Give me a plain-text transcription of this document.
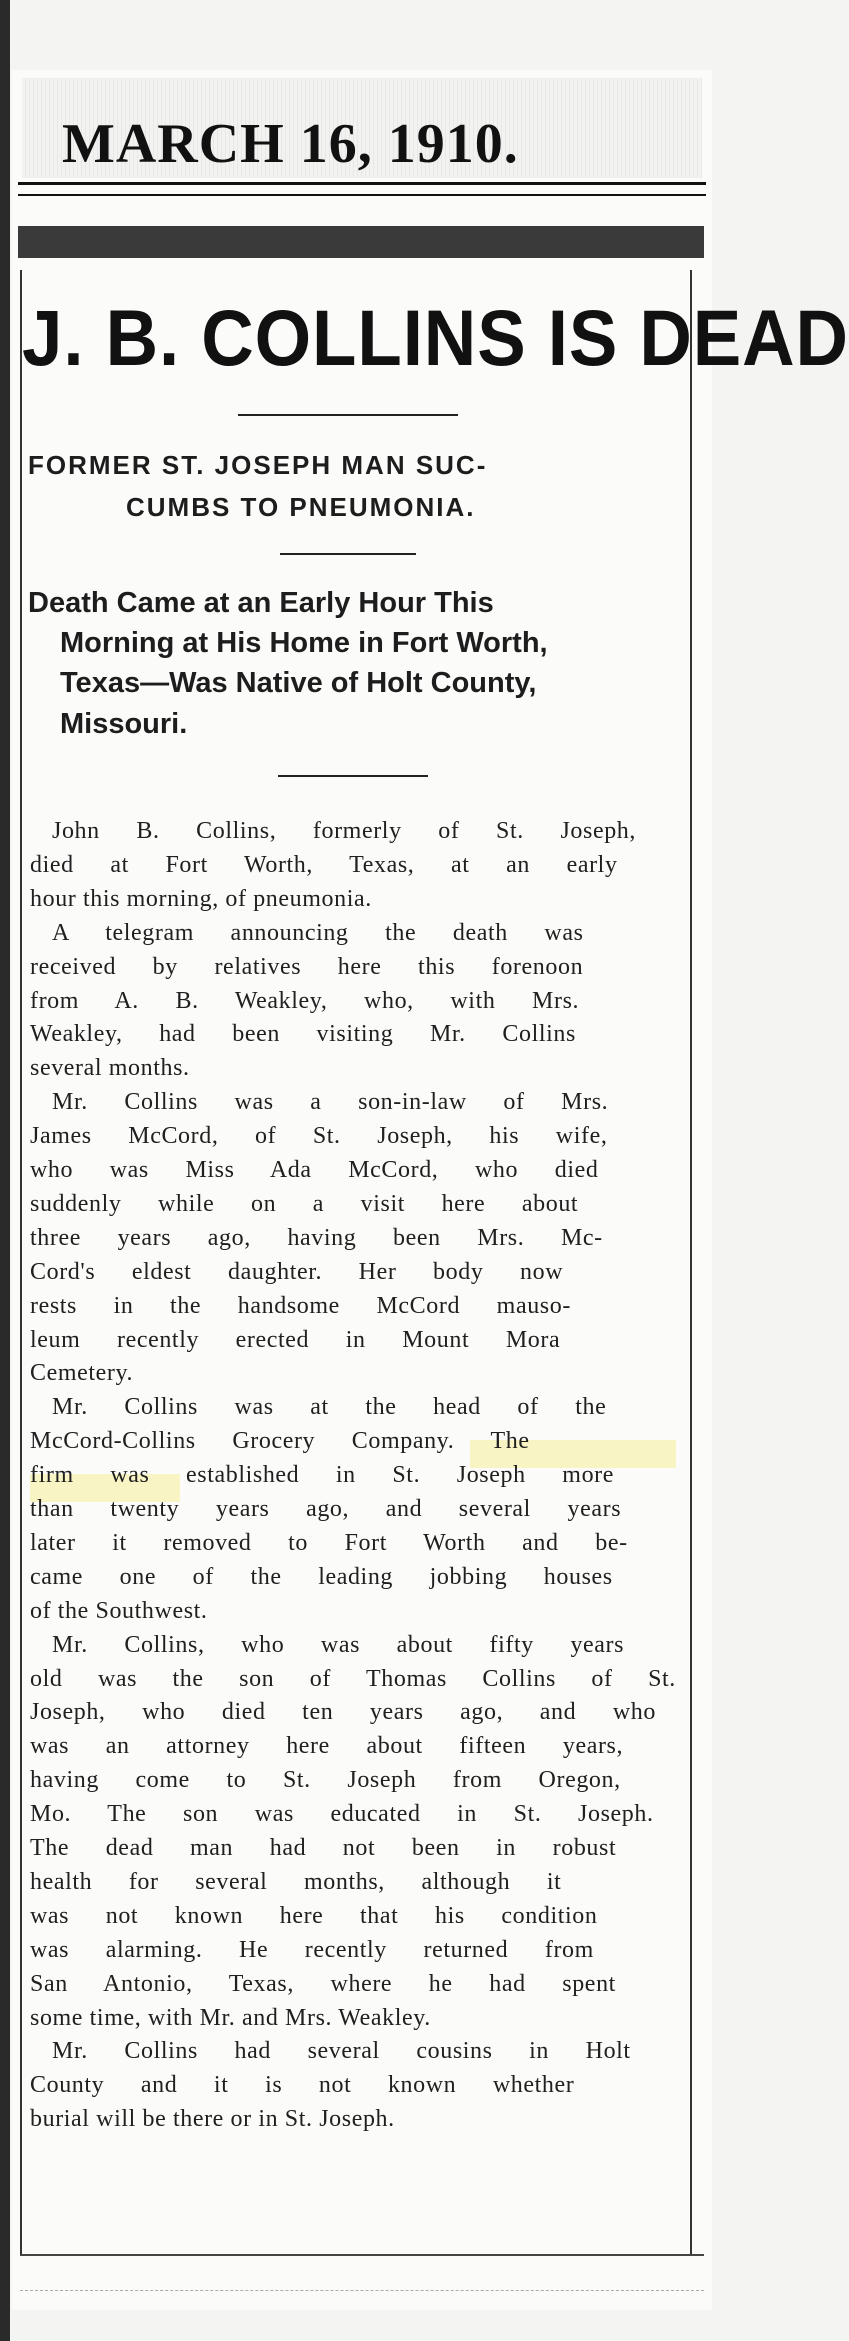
MARCH 16, 1910.
J. B. COLLINS IS DEAD
FORMER ST. JOSEPH MAN SUC-
CUMBS TO PNEUMONIA.
Death Came at an Early Hour This
Morning at His Home in Fort Worth,
Texas—Was Native of Holt County,
Missouri.
John B. Collins, formerly of St. Joseph,
died at Fort Worth, Texas, at an early
hour this morning, of pneumonia.
A telegram announcing the death was
received by relatives here this forenoon
from A. B. Weakley, who, with Mrs.
Weakley, had been visiting Mr. Collins
several months.
Mr. Collins was a son-in-law of Mrs.
James McCord, of St. Joseph, his wife,
who was Miss Ada McCord, who died
suddenly while on a visit here about
three years ago, having been Mrs. Mc-
Cord's eldest daughter. Her body now
rests in the handsome McCord mauso-
leum recently erected in Mount Mora
Cemetery.
Mr. Collins was at the head of the
McCord-Collins Grocery Company. The
firm was established in St. Joseph more
than twenty years ago, and several years
later it removed to Fort Worth and be-
came one of the leading jobbing houses
of the Southwest.
Mr. Collins, who was about fifty years
old was the son of Thomas Collins of St.
Joseph, who died ten years ago, and who
was an attorney here about fifteen years,
having come to St. Joseph from Oregon,
Mo. The son was educated in St. Joseph.
The dead man had not been in robust
health for several months, although it
was not known here that his condition
was alarming. He recently returned from
San Antonio, Texas, where he had spent
some time, with Mr. and Mrs. Weakley.
Mr. Collins had several cousins in Holt
County and it is not known whether
burial will be there or in St. Joseph.
